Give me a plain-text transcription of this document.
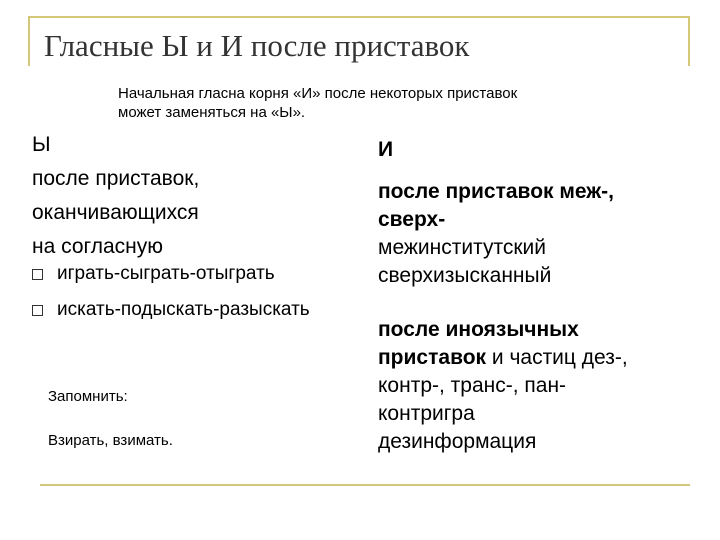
Гласные Ы и И после приставок
Начальная гласна корня «И» после некоторых приставок
может заменяться на «Ы».
Ы
после приставок,
оканчивающихся
на согласную
играть-сыграть-отыграть
искать-подыскать-разыскать
Запомнить:
Взирать, взимать.
И
после приставок меж-,
сверх-
межинститутский
сверхизысканный
после иноязычных
приставок и частиц дез-,
контр-, транс-, пан-
контригра
дезинформация
